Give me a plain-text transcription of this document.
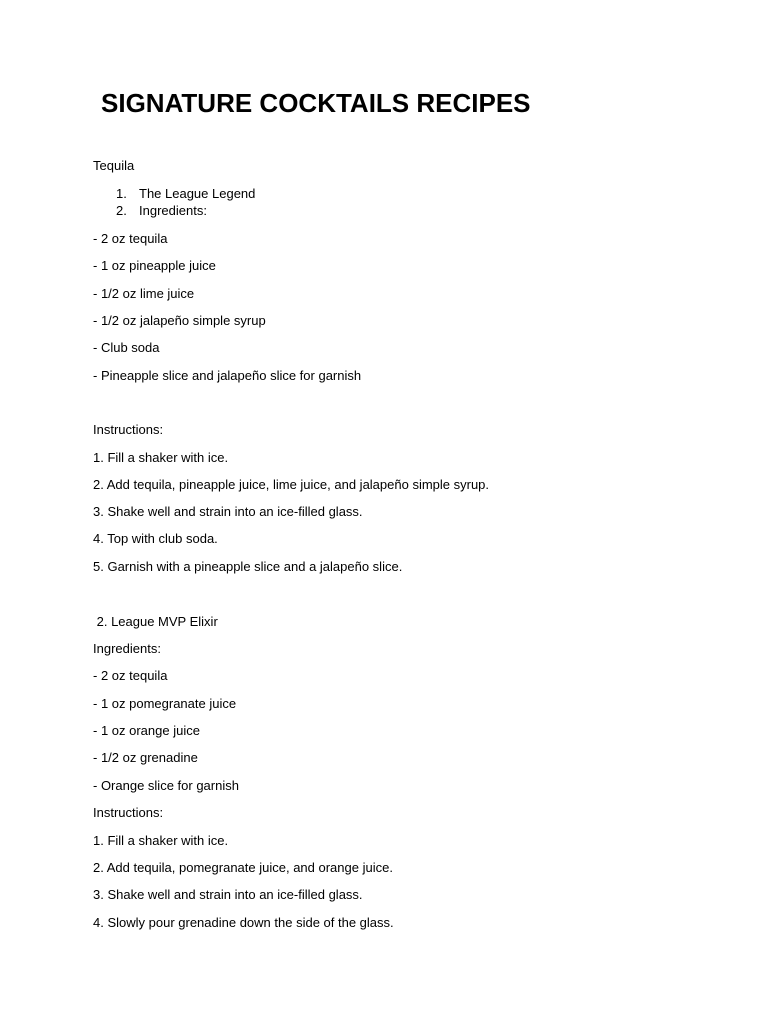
SIGNATURE COCKTAILS RECIPES
Tequila
1. The League Legend
2. Ingredients:
- 2 oz tequila
- 1 oz pineapple juice
- 1/2 oz lime juice
- 1/2 oz jalapeño simple syrup
- Club soda
- Pineapple slice and jalapeño slice for garnish
Instructions:
1. Fill a shaker with ice.
2. Add tequila, pineapple juice, lime juice, and jalapeño simple syrup.
3. Shake well and strain into an ice-filled glass.
4. Top with club soda.
5. Garnish with a pineapple slice and a jalapeño slice.
2. League MVP Elixir
Ingredients:
- 2 oz tequila
- 1 oz pomegranate juice
- 1 oz orange juice
- 1/2 oz grenadine
- Orange slice for garnish
Instructions:
1. Fill a shaker with ice.
2. Add tequila, pomegranate juice, and orange juice.
3. Shake well and strain into an ice-filled glass.
4. Slowly pour grenadine down the side of the glass.
